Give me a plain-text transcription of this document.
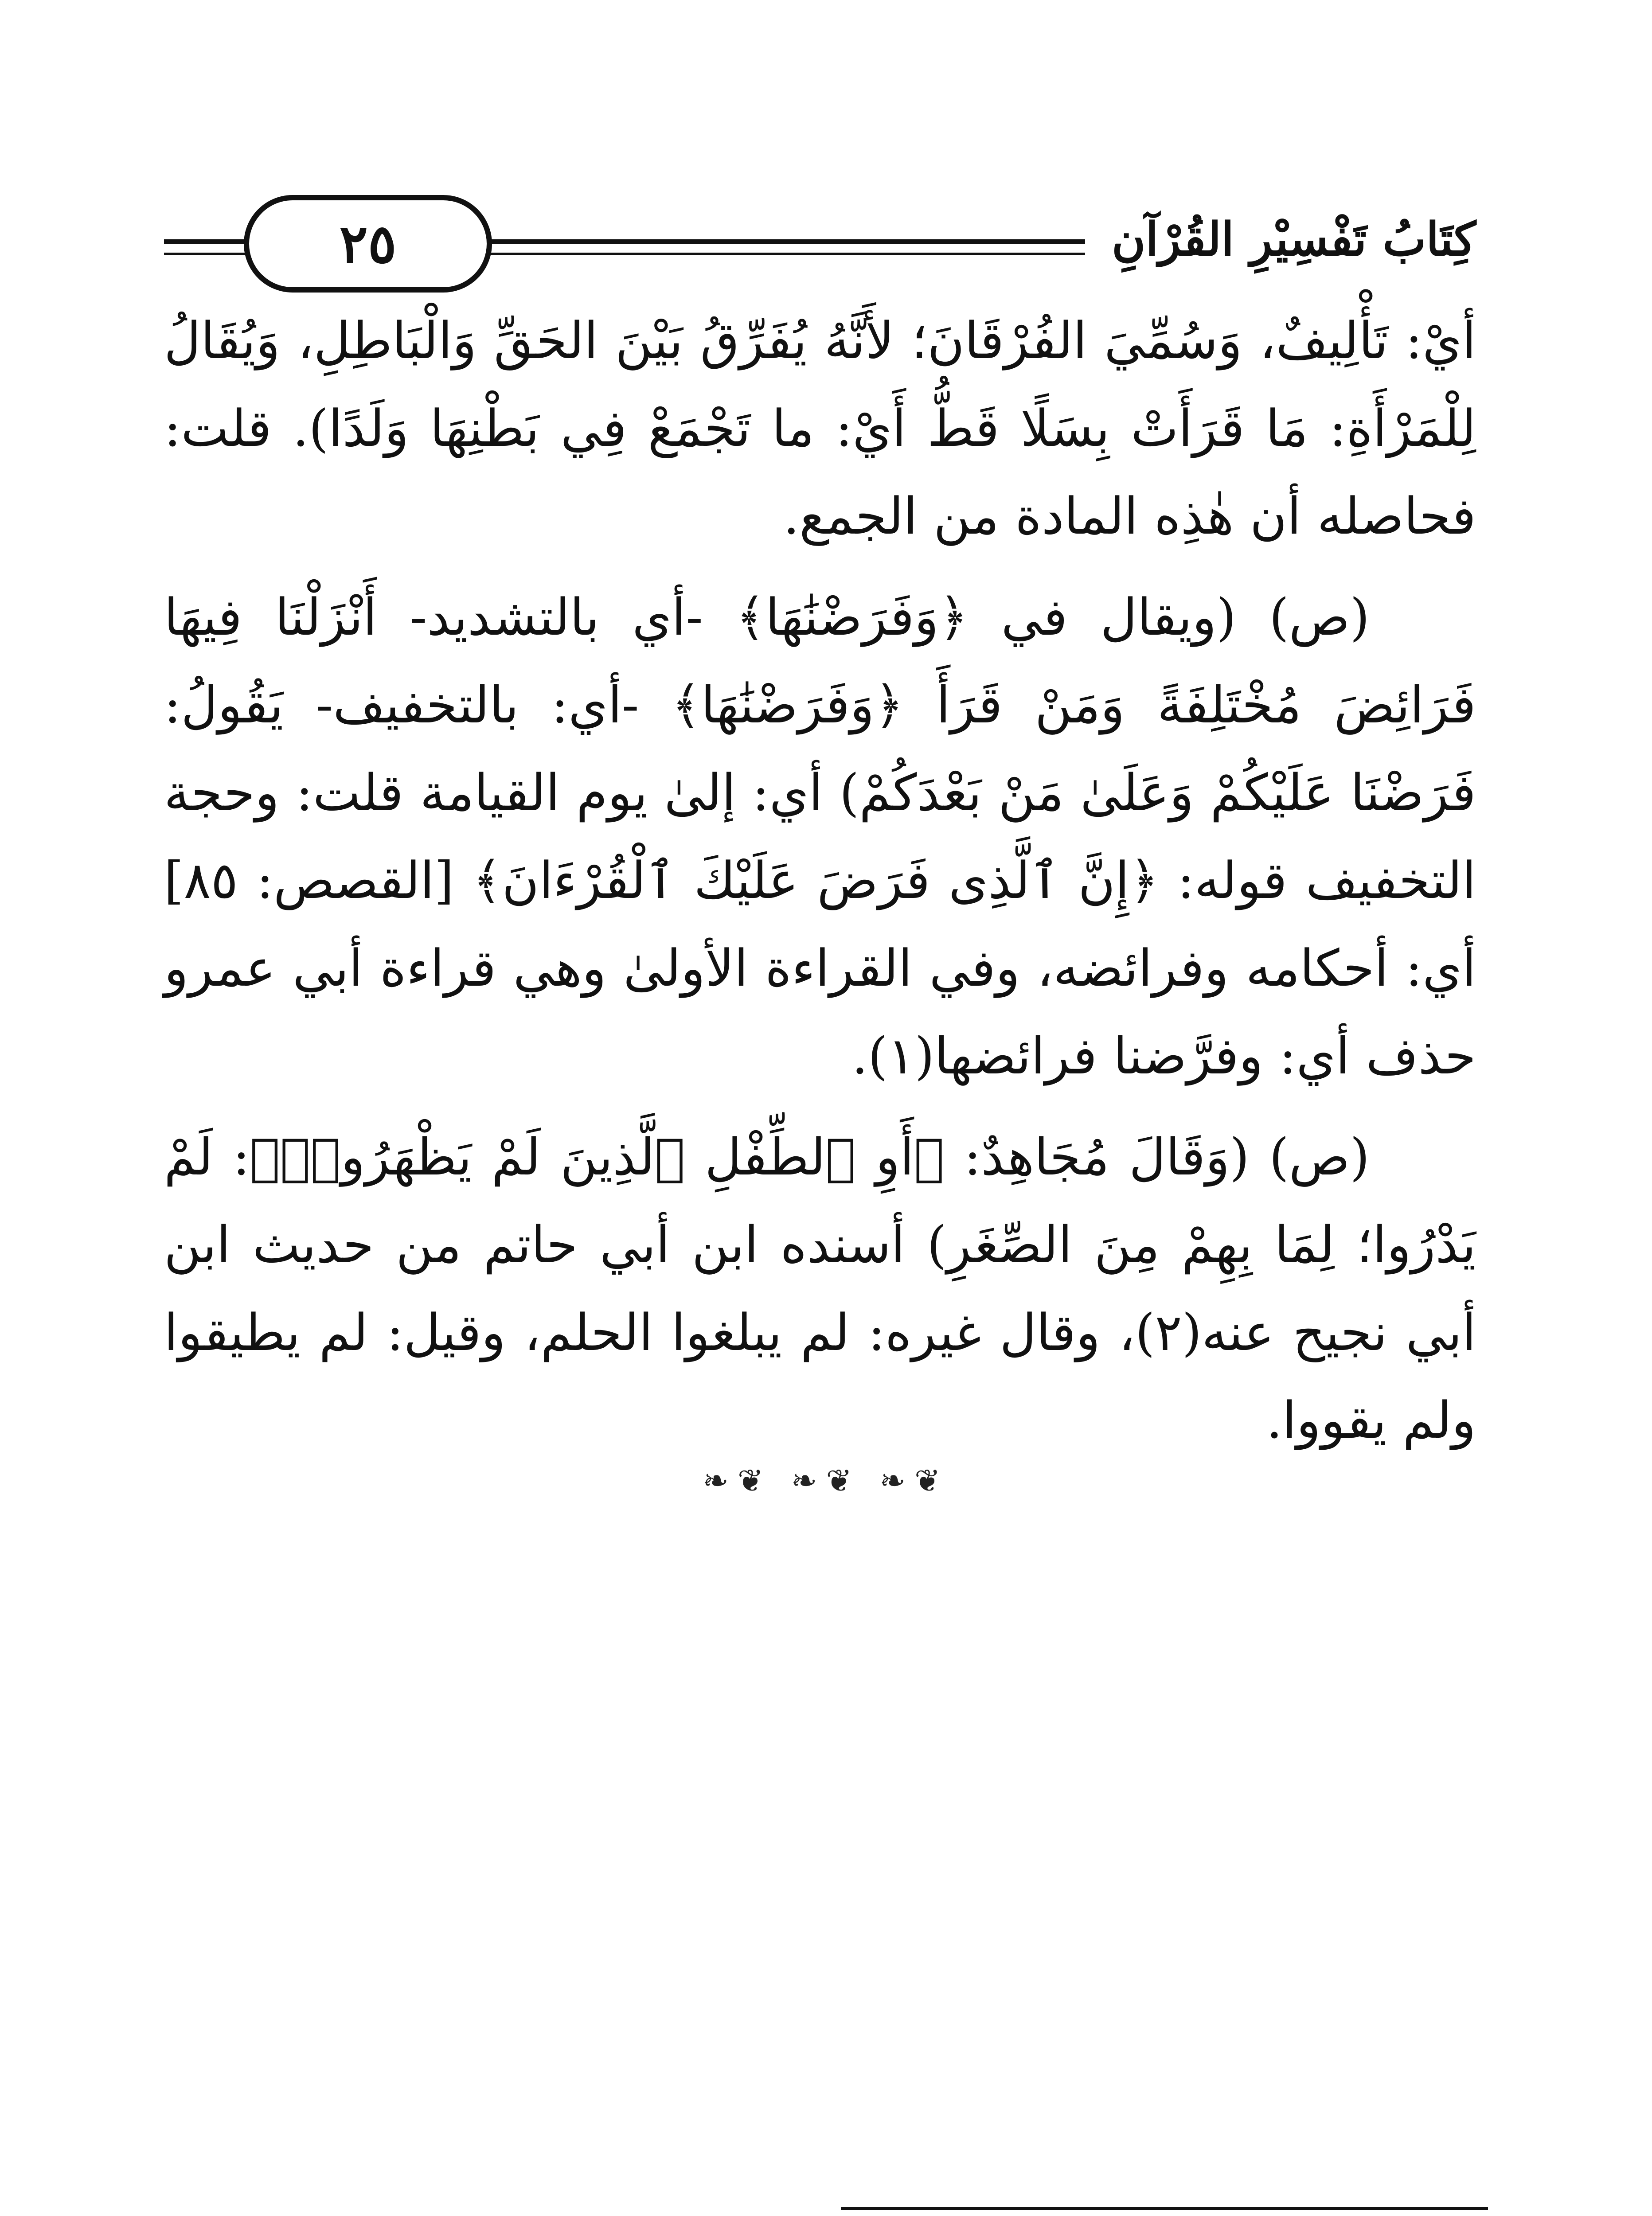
كِتَابُ تَفْسِيْرِ القُرْآنِ
٢٥

أيْ: تَأْلِيفٌ، وَسُمِّيَ الفُرْقَانَ؛ لأَنَّهُ يُفَرِّقُ بَيْنَ الحَقِّ وَالْبَاطِلِ، وَيُقَالُ لِلْمَرْأَةِ: مَا قَرَأَتْ بِسَلًا قَطُّ أَيْ: ما تَجْمَعْ فِي بَطْنِهَا وَلَدًا). قلت: فحاصله أن هٰذِه المادة من الجمع.

(ص) (ويقال في ﴿وَفَرَضْنَٰهَا﴾ -أي بالتشديد- أَنْزَلْنَا فِيهَا فَرَائِضَ مُخْتَلِفَةً وَمَنْ قَرَأَ ﴿وَفَرَضْنَٰهَا﴾ -أي: بالتخفيف- يَقُولُ: فَرَضْنَا عَلَيْكُمْ وَعَلَىٰ مَنْ بَعْدَكُمْ) أي: إلىٰ يوم القيامة قلت: وحجة التخفيف قوله: ﴿إِنَّ ٱلَّذِى فَرَضَ عَلَيْكَ ٱلْقُرْءَانَ﴾ [القصص: ٨٥] أي: أحكامه وفرائضه، وفي القراءة الأولىٰ وهي قراءة أبي عمرو حذف أي: وفرَّضنا فرائضها(١).

(ص) (وَقَالَ مُجَاهِدٌ: ﴿أَوِ ٱلطِّفْلِ ٱلَّذِينَ لَمْ يَظْهَرُوا۟﴾: لَمْ يَدْرُوا؛ لِمَا بِهِمْ مِنَ الصِّغَرِ) أسنده ابن أبي حاتم من حديث ابن أبي نجيح عنه(٢)، وقال غيره: لم يبلغوا الحلم، وقيل: لم يطيقوا ولم يقووا.

❦❧ ❦❧ ❦❧
